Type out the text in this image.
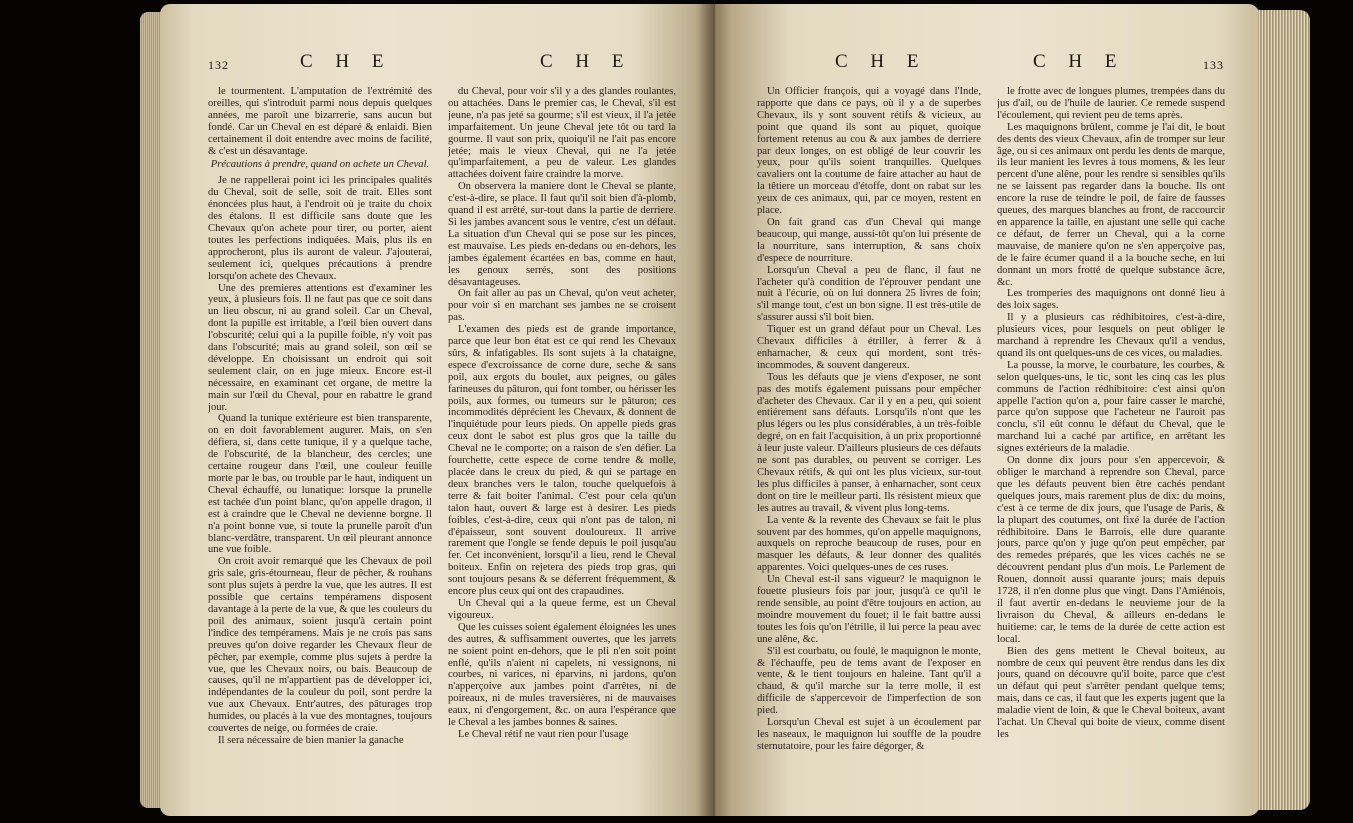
132	C H E	C H E

le tourmentent. L'amputation de l'extrémité des oreilles, qui s'introduit parmi nous depuis quelques années, me paroît une bizarrerie, sans aucun but fondé. Car un Cheval en est déparé & enlaidi. Bien certainement il doit entendre avec moins de facilité, & c'est un désavantage.

Précautions à prendre, quand on achete un Cheval.

Je ne rappellerai point ici les principales qualités du Cheval, soit de selle, soit de trait. Elles sont énoncées plus haut, à l'endroit où je traite du choix des étalons. Il est difficile sans doute que les Chevaux qu'on achete pour tirer, ou porter, aient toutes les perfections indiquées. Mais, plus ils en approcheront, plus ils auront de valeur. J'ajouterai, seulement ici, quelques précautions à prendre lorsqu'on achete des Chevaux.

Une des premieres attentions est d'examiner les yeux, à plusieurs fois. Il ne faut pas que ce soit dans un lieu obscur, ni au grand soleil. Car un Cheval, dont la pupille est irritable, a l'œil bien ouvert dans l'obscurité; celui qui a la pupille foible, n'y voit pas dans l'obscurité; mais au grand soleil, son œil se développe. En choisissant un endroit qui soit seulement clair, on en juge mieux. Encore est-il nécessaire, en examinant cet organe, de mettre la main sur l'œil du Cheval, pour en rabattre le grand jour.

Quand la tunique extérieure est bien transparente, on en doit favorablement augurer. Mais, on s'en défiera, si, dans cette tunique, il y a quelque tache, de l'obscurité, de la blancheur, des cercles; une certaine rougeur dans l'œil, une couleur feuille morte par le bas, ou trouble par le haut, indiquent un Cheval échauffé, ou lunatique: lorsque la prunelle est tachée d'un point blanc, qu'on appelle dragon, il est à craindre que le Cheval ne devienne borgne. Il n'a point bonne vue, si toute la prunelle paroît d'un blanc-verdâtre, transparent. Un œil pleurant annonce une vue foible.

On croit avoir remarqué que les Chevaux de poil gris sale, gris-étourneau, fleur de pêcher, & rouhans sont plus sujets à perdre la vue, que les autres. Il est possible que certains tempéramens disposent davantage à la perte de la vue, & que les couleurs du poil des animaux, soient jusqu'à certain point l'indice des tempéramens. Mais je ne crois pas sans preuves qu'on doive regarder les Chevaux fleur de pêcher, par exemple, comme plus sujets à perdre la vue, que les Chevaux noirs, ou bais. Beaucoup de causes, qu'il ne m'appartient pas de développer ici, indépendantes de la couleur du poil, sont perdre la vue aux Chevaux. Entr'autres, des pâturages trop humides, ou placés à la vue des montagnes, toujours couvertes de neige, ou formées de craie.

Il sera nécessaire de bien manier la ganache

du Cheval, pour voir s'il y a des glandes roulantes, ou attachées. Dans le premier cas, le Cheval, s'il est jeune, n'a pas jeté sa gourme; s'il est vieux, il l'a jetée imparfaitement. Un jeune Cheval jete tôt ou tard la gourme. Il vaut son prix, quoiqu'il ne l'ait pas encore jetée; mais le vieux Cheval, qui ne l'a jetée qu'imparfaitement, a peu de valeur. Les glandes attachées doivent faire craindre la morve.

On observera la maniere dont le Cheval se plante, c'est-à-dire, se place. Il faut qu'il soit bien d'à-plomb, quand il est arrêté, sur-tout dans la partie de derriere. Si les jambes avancent sous le ventre, c'est un défaut. La situation d'un Cheval qui se pose sur les pinces, est mauvaise. Les pieds en-dedans ou en-dehors, les jambes également écartées en bas, comme en haut, les genoux serrés, sont des positions désavantageuses.

On fait aller au pas un Cheval, qu'on veut acheter, pour voir si en marchant ses jambes ne se croisent pas.

L'examen des pieds est de grande importance, parce que leur bon état est ce qui rend les Chevaux sûrs, & infatigables. Ils sont sujets à la chataigne, espece d'excroissance de corne dure, seche & sans poil, aux ergots du boulet, aux peignes, ou gâles farineuses du pâturon, qui font tomber, ou hérisser les poils, aux formes, ou tumeurs sur le pâturon; ces incommodités déprécient les Chevaux, & donnent de l'inquiétude pour leurs pieds. On appelle pieds gras ceux dont le sabot est plus gros que la taille du Cheval ne le comporte; on a raison de s'en défier. La fourchette, cette espece de corne tendre & molle, placée dans le creux du pied, & qui se partage en deux branches vers le talon, touche quelquefois à terre & fait boiter l'animal. C'est pour cela qu'un talon haut, ouvert & large est à desirer. Les pieds foibles, c'est-à-dire, ceux qui n'ont pas de talon, ni d'épaisseur, sont souvent douloureux. Il arrive rarement que l'ongle se fende depuis le poil jusqu'au fer. Cet inconvénient, lorsqu'il a lieu, rend le Cheval boiteux. Enfin on rejetera des pieds trop gras, qui sont toujours pesans & se déferrent fréquemment, & encore plus ceux qui ont des crapaudines.

Un Cheval qui a la queue ferme, est un Cheval vigoureux.

Que les cuisses soient également éloignées les unes des autres, & suffisamment ouvertes, que les jarrets ne soient point en-dehors, que le pli n'en soit point enflé, qu'ils n'aient ni capelets, ni vessignons, ni courbes, ni varices, ni éparvins, ni jardons, qu'on n'apperçoive aux jambes point d'arrêtes, ni de poireaux, ni de mules traversières, ni de mauvaises eaux, ni d'engorgement, &c. on aura l'espérance que le Cheval a les jambes bonnes & saines.

Le Cheval rétif ne vaut rien pour l'usage

C H E	C H E	133

Un Officier françois, qui a voyagé dans l'Inde, rapporte que dans ce pays, où il y a de superbes Chevaux, ils y sont souvent rétifs & vicieux, au point que quand ils sont au piquet, quoique fortement retenus au cou & aux jambes de derriere par deux longes, on est obligé de leur couvrir les yeux, pour qu'ils soient tranquilles. Quelques cavaliers ont la coutume de faire attacher au haut de la têtiere un morceau d'étoffe, dont on rabat sur les yeux de ces animaux, qui, par ce moyen, restent en place.

On fait grand cas d'un Cheval qui mange beaucoup, qui mange, aussi-tôt qu'on lui présente de la nourriture, sans interruption, & sans choix d'espece de nourriture.

Lorsqu'un Cheval a peu de flanc, il faut ne l'acheter qu'à condition de l'éprouver pendant une nuit à l'écurie, où on lui donnera 25 livres de foin; s'il mange tout, c'est un bon signe. Il est très-utile de s'assurer aussi s'il boit bien.

Tiquer est un grand défaut pour un Cheval. Les Chevaux difficiles à étriller, à ferrer & à enharnacher, & ceux qui mordent, sont très-incommodes, & souvent dangereux.

Tous les défauts que je viens d'exposer, ne sont pas des motifs également puissans pour empêcher d'acheter des Chevaux. Car il y en a peu, qui soient entiérement sans défauts. Lorsqu'ils n'ont que les plus légers ou les plus considérables, à un très-foible degré, on en fait l'acquisition, à un prix proportionné à leur juste valeur. D'ailleurs plusieurs de ces défauts ne sont pas durables, ou peuvent se corriger. Les Chevaux rétifs, & qui ont les plus vicieux, sur-tout les plus difficiles à panser, à enharnacher, sont ceux dont on tire le meilleur parti. Ils résistent mieux que les autres au travail, & vivent plus long-tems.

La vente & la revente des Chevaux se fait le plus souvent par des hommes, qu'on appelle maquignons, auxquels on reproche beaucoup de ruses, pour en masquer les défauts, & leur donner des qualités apparentes. Voici quelques-unes de ces ruses.

Un Cheval est-il sans vigueur? le maquignon le fouette plusieurs fois par jour, jusqu'à ce qu'il le rende sensible, au point d'être toujours en action, au moindre mouvement du fouet; il le fait battre aussi toutes les fois qu'on l'étrille, il lui perce la peau avec une alêne, &c.

S'il est courbatu, ou foulé, le maquignon le monte, & l'échauffe, peu de tems avant de l'exposer en vente, & le tient toujours en haleine. Tant qu'il a chaud, & qu'il marche sur la terre molle, il est difficile de s'appercevoir de l'imperfection de son pied.

Lorsqu'un Cheval est sujet à un écoulement par les naseaux, le maquignon lui souffle de la poudre sternutatoire, pour les faire dégorger, &

le frotte avec de longues plumes, trempées dans du jus d'ail, ou de l'huile de laurier. Ce remede suspend l'écoulement, qui revient peu de tems après.

Les maquignons brûlent, comme je l'ai dit, le bout des dents des vieux Chevaux, afin de tromper sur leur âge, ou si ces animaux ont perdu les dents de marque, ils leur manient les levres à tous momens, & les leur percent d'une alêne, pour les rendre si sensibles qu'ils ne se laissent pas regarder dans la bouche. Ils ont encore la ruse de teindre le poil, de faire de fausses queues, des marques blanches au front, de raccourcir en apparence la taille, en ajustant une selle qui cache ce défaut, de ferrer un Cheval, qui a la corne mauvaise, de maniere qu'on ne s'en apperçoive pas, de le faire écumer quand il a la bouche seche, en lui donnant un mors frotté de quelque substance âcre, &c.

Les tromperies des maquignons ont donné lieu à des loix sages.

Il y a plusieurs cas rédhibitoires, c'est-à-dire, plusieurs vices, pour lesquels on peut obliger le marchand à reprendre les Chevaux qu'il a vendus, quand ils ont quelques-uns de ces vices, ou maladies.

La pousse, la morve, le courbature, les courbes, & selon quelques-uns, le tic, sont les cinq cas les plus communs de l'action rédhibitoire: c'est ainsi qu'on appelle l'action qu'on a, pour faire casser le marché, parce qu'on suppose que l'acheteur ne l'auroit pas conclu, s'il eût connu le défaut du Cheval, que le marchand lui a caché par artifice, en arrêtant les signes extérieurs de la maladie.

On donne dix jours pour s'en appercevoir, & obliger le marchand à reprendre son Cheval, parce que les défauts peuvent bien être cachés pendant quelques jours, mais rarement plus de dix: du moins, c'est à ce terme de dix jours, que l'usage de Paris, & la plupart des coutumes, ont fixé la durée de l'action rédhibitoire. Dans le Barrois, elle dure quarante jours, parce qu'on y juge qu'on peut empêcher, par des remedes préparés, que les vices cachés ne se découvrent pendant plus d'un mois. Le Parlement de Rouen, donnoit aussi quarante jours; mais depuis 1728, il n'en donne plus que vingt. Dans l'Amiénois, il faut avertir en-dedans le neuvieme jour de la livraison du Cheval, & ailleurs en-dedans le huitieme: car, le tems de la durée de cette action est local.

Bien des gens mettent le Cheval boiteux, au nombre de ceux qui peuvent être rendus dans les dix jours, quand on découvre qu'il boite, parce que c'est un défaut qui peut s'arrêter pendant quelque tems; mais, dans ce cas, il faut que les experts jugent que la maladie vient de loin, & que le Cheval boiteux, avant l'achat. Un Cheval qui boite de vieux, comme disent les
